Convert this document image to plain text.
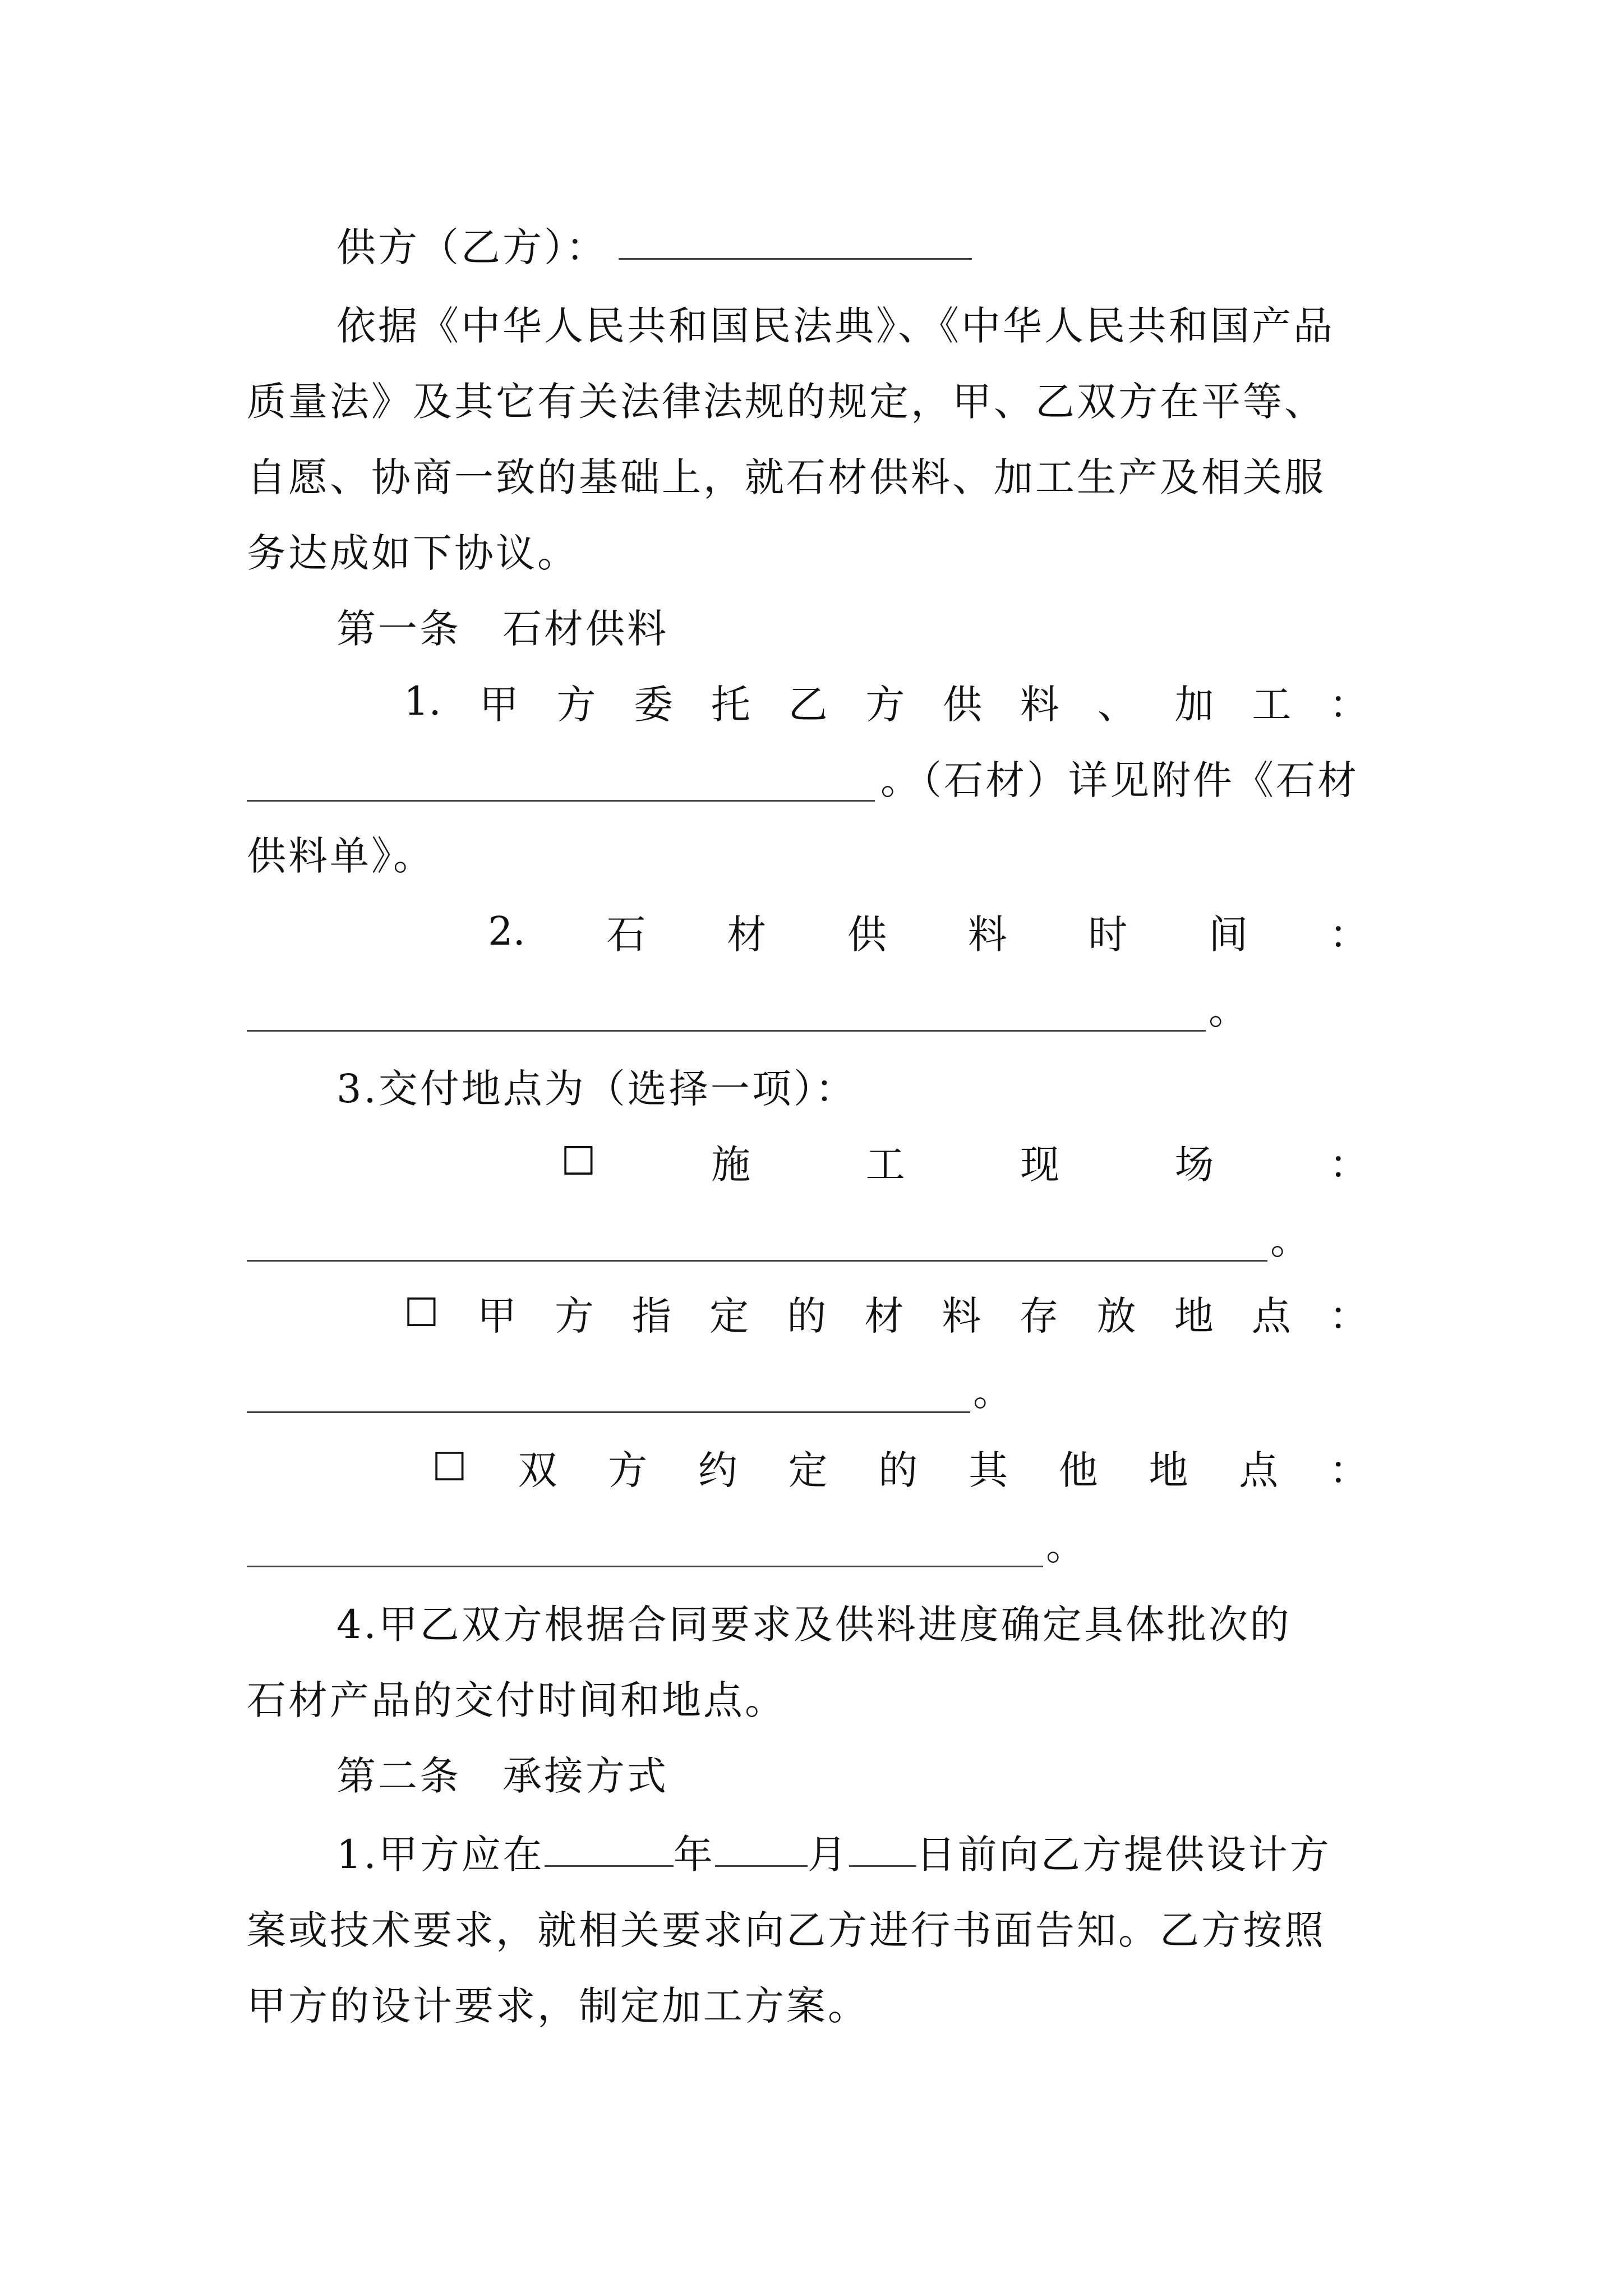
供方（乙方）：
依据《中华人民共和国民法典》、《中华人民共和国产品
质量法》及其它有关法律法规的规定，甲、乙双方在平等、
自愿、协商一致的基础上，就石材供料、加工生产及相关服
务达成如下协议。
第一条　石材供料
1. 甲 方 委 托 乙 方 供 料 、 加 工 ：
。（石材）详见附件《石材
供料单》。
2. 石 材 供 料 时 间 ：
。
3.交付地点为（选择一项）：
☐	施	工	现	场	：
。
☐ 甲 方 指 定 的 材 料 存 放 地 点 ：
。
☐ 双 方 约 定 的 其 他 地 点 ：
。
4.甲乙双方根据合同要求及供料进度确定具体批次的
石材产品的交付时间和地点。
第二条　承接方式
1.甲方应在	年 月 日前向乙方提供设计方
案或技术要求，就相关要求向乙方进行书面告知。乙方按照
甲方的设计要求，制定加工方案。
